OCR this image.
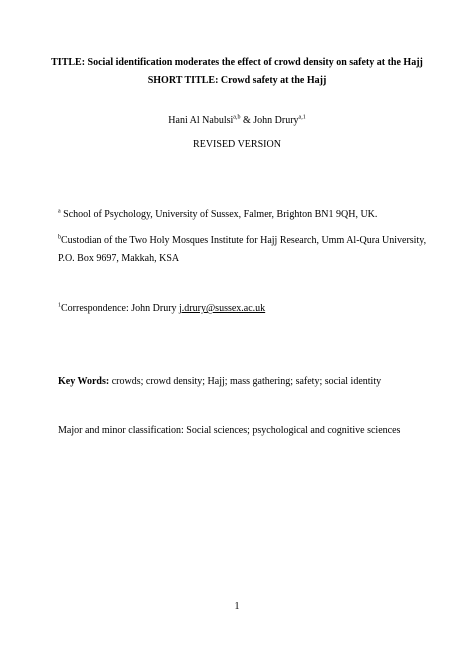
TITLE: Social identification moderates the effect of crowd density on safety at the Hajj
SHORT TITLE: Crowd safety at the Hajj
Hani Al Nabulsi$^{a,b}$ & John Drury$^{a,1}$
REVISED VERSION
$^a$ School of Psychology, University of Sussex, Falmer, Brighton BN1 9QH, UK.
$^b$Custodian of the Two Holy Mosques Institute for Hajj Research, Umm Al-Qura University,
P.O. Box 9697, Makkah, KSA
$^1$Correspondence: John Drury j.drury@sussex.ac.uk
Key Words: crowds; crowd density; Hajj; mass gathering; safety; social identity
Major and minor classification: Social sciences; psychological and cognitive sciences
1
